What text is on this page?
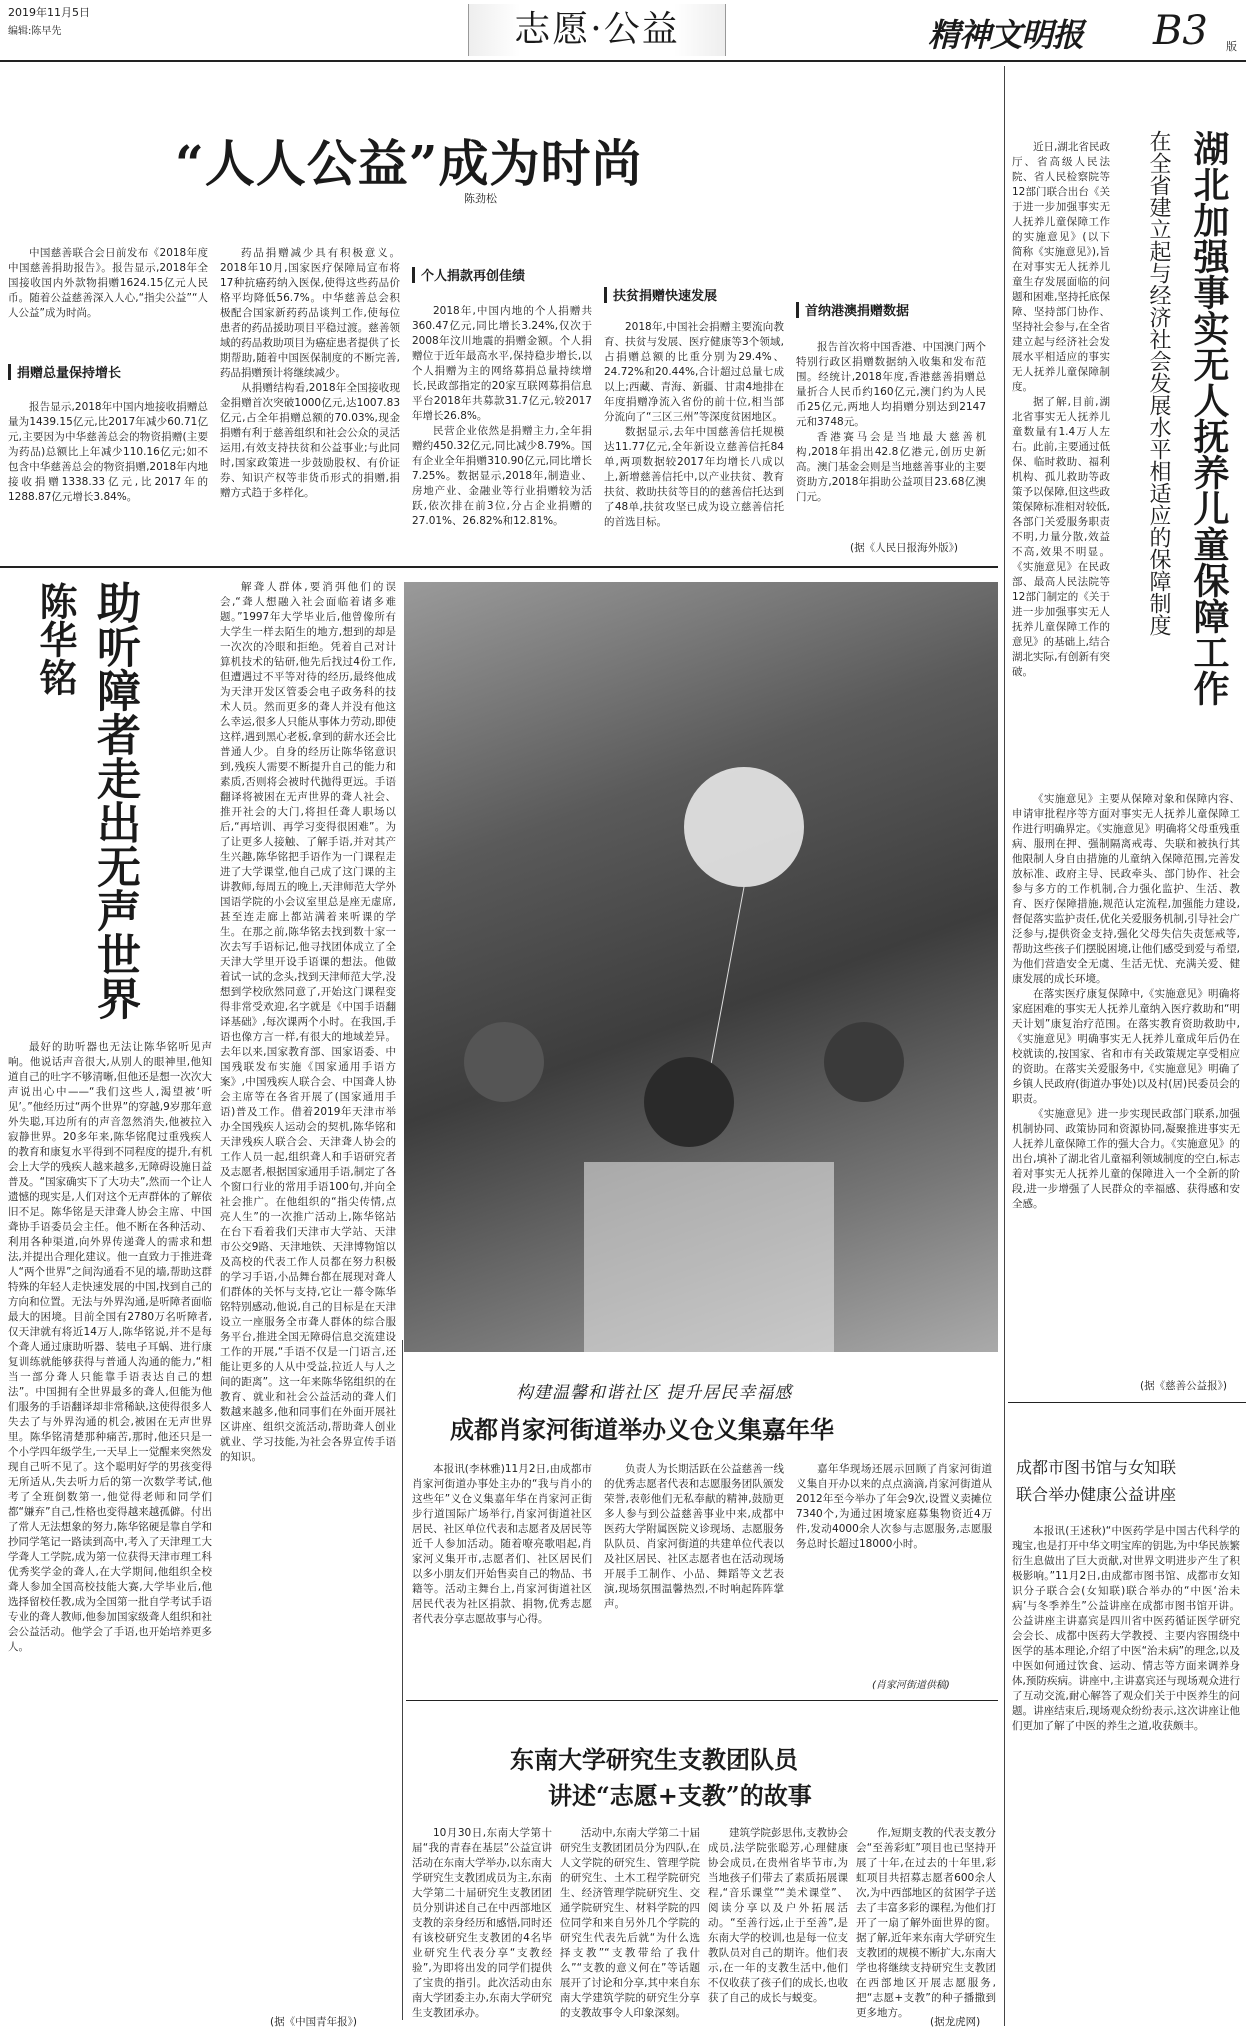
2019年11月5日
编辑:陈早先	志愿·公益	精神文明报 B3 版
“人人公益”成为时尚
陈劲松

中国慈善联合会日前发布《2018年度中国慈善捐助报告》。报告显示,2018年全国接收国内外款物捐赠1624.15亿元人民币。随着公益慈善深入人心,“指尖公益”“人人公益”成为时尚。

捐赠总量保持增长

报告显示,2018年中国内地接收捐赠总量为1439.15亿元,比2017年减少60.71亿元,主要因为中华慈善总会的物资捐赠(主要为药品)总额比上年减少110.16亿元;如不包含中华慈善总会的物资捐赠,2018年内地接收捐赠1338.33亿元,比2017年的1288.87亿元增长3.84%。

药品捐赠减少具有积极意义。2018年10月,国家医疗保障局宣布将17种抗癌药纳入医保,使得这些药品价格平均降低56.7%。中华慈善总会积极配合国家新药药品谈判工作,使每位患者的药品援助项目平稳过渡。慈善领域的药品救助项目为癌症患者提供了长期帮助,随着中国医保制度的不断完善,药品捐赠预计将继续减少。

从捐赠结构看,2018年全国接收现金捐赠首次突破1000亿元,达1007.83亿元,占全年捐赠总额的70.03%,现金捐赠有利于慈善组织和社会公众的灵活运用,有效支持扶贫和公益事业;与此同时,国家政策进一步鼓励股权、有价证券、知识产权等非货币形式的捐赠,捐赠方式趋于多样化。

个人捐款再创佳绩

2018年,中国内地的个人捐赠共360.47亿元,同比增长3.24%,仅次于2008年汶川地震的捐赠金额。个人捐赠位于近年最高水平,保持稳步增长,以个人捐赠为主的网络募捐总量持续增长,民政部指定的20家互联网募捐信息平台2018年共募款31.7亿元,较2017年增长26.8%。

民营企业依然是捐赠主力,全年捐赠约450.32亿元,同比减少8.79%。国有企业全年捐赠310.90亿元,同比增长7.25%。数据显示,2018年,制造业、房地产业、金融业等行业捐赠较为活跃,依次排在前3位,分占企业捐赠的27.01%、26.82%和12.81%。

扶贫捐赠快速发展

2018年,中国社会捐赠主要流向教育、扶贫与发展、医疗健康等3个领域,占捐赠总额的比重分别为29.4%、24.72%和20.44%,合计超过总量七成以上;西藏、青海、新疆、甘肃4地排在年度捐赠净流入省份的前十位,相当部分流向了“三区三州”等深度贫困地区。

数据显示,去年中国慈善信托规模达11.77亿元,全年新设立慈善信托84单,两项数据较2017年均增长八成以上,新增慈善信托中,以产业扶贫、教育扶贫、救助扶贫等目的的慈善信托达到了48单,扶贫攻坚已成为设立慈善信托的首选目标。

首纳港澳捐赠数据

报告首次将中国香港、中国澳门两个特别行政区捐赠数据纳入收集和发布范围。经统计,2018年度,香港慈善捐赠总量折合人民币约160亿元,澳门约为人民币25亿元,两地人均捐赠分别达到2147元和3748元。

香港赛马会是当地最大慈善机构,2018年捐出42.8亿港元,创历史新高。澳门基金会则是当地慈善事业的主要资助方,2018年捐助公益项目23.68亿澳门元。

(据《人民日报海外版》)

近日,湖北省民政厅、省高级人民法院、省人民检察院等12部门联合出台《关于进一步加强事实无人抚养儿童保障工作的实施意见》(以下简称《实施意见》),旨在对事实无人抚养儿童生存发展面临的问题和困难,坚持托底保障、坚持部门协作、坚持社会参与,在全省建立起与经济社会发展水平相适应的事实无人抚养儿童保障制度。

据了解,目前,湖北省事实无人抚养儿童数量有1.4万人左右。此前,主要通过低保、临时救助、福利机构、孤儿救助等政策予以保障,但这些政策保障标准相对较低,各部门关爱服务职责不明,力量分散,效益不高,效果不明显。《实施意见》在民政部、最高人民法院等12部门制定的《关于进一步加强事实无人抚养儿童保障工作的意见》的基础上,结合湖北实际,有创新有突破。

在全省建立起与经济社会发展水平相适应的保障制度 湖北加强事实无人抚养儿童保障工作

《实施意见》主要从保障对象和保障内容、申请审批程序等方面对事实无人抚养儿童保障工作进行明确界定。《实施意见》明确将父母重残重病、服刑在押、强制隔离戒毒、失联和被执行其他限制人身自由措施的儿童纳入保障范围,完善发放标准、政府主导、民政牵头、部门协作、社会参与多方的工作机制,合力强化监护、生活、教育、医疗保障措施,规范认定流程,加强能力建设,督促落实监护责任,优化关爱服务机制,引导社会广泛参与,提供资金支持,强化父母失信失责惩戒等,帮助这些孩子们摆脱困境,让他们感受到爱与希望,为他们营造安全无虞、生活无忧、充满关爱、健康发展的成长环境。

在落实医疗康复保障中,《实施意见》明确将家庭困难的事实无人抚养儿童纳入医疗救助和“明天计划”康复治疗范围。在落实教育资助救助中,《实施意见》明确事实无人抚养儿童成年后仍在校就读的,按国家、省和市有关政策规定享受相应的资助。在落实关爱服务中,《实施意见》明确了乡镇人民政府(街道办事处)以及村(居)民委员会的职责。

《实施意见》进一步实现民政部门联系,加强机制协同、政策协同和资源协同,凝聚推进事实无人抚养儿童保障工作的强大合力。《实施意见》的出台,填补了湖北省儿童福利领域制度的空白,标志着对事实无人抚养儿童的保障进入一个全新的阶段,进一步增强了人民群众的幸福感、获得感和安全感。

(据《慈善公益报》)
成都市图书馆与女知联
联合举办健康公益讲座

本报讯(王述秋)“中医药学是中国古代科学的瑰宝,也是打开中华文明宝库的钥匙,为中华民族繁衍生息做出了巨大贡献,对世界文明进步产生了积极影响。”11月2日,由成都市图书馆、成都市女知识分子联合会(女知联)联合举办的“中医‘治未病’与冬季养生”公益讲座在成都市图书馆开讲。公益讲座主讲嘉宾是四川省中医药循证医学研究会会长、成都中医药大学教授、主要内容围绕中医学的基本理论,介绍了中医“治未病”的理念,以及中医如何通过饮食、运动、情志等方面来调养身体,预防疾病。讲座中,主讲嘉宾还与现场观众进行了互动交流,耐心解答了观众们关于中医养生的问题。讲座结束后,现场观众纷纷表示,这次讲座让他们更加了解了中医的养生之道,收获颇丰。

助听障者走出无声世界
陈华铭

最好的助听器也无法让陈华铭听见声响。他说话声音很大,从别人的眼神里,他知道自己的吐字不够清晰,但他还是想一次次大声说出心中——“我们这些人,渴望被‘听见’。”他经历过“两个世界”的穿越,9岁那年意外失聪,耳边所有的声音忽然消失,他被拉入寂静世界。20多年来,陈华铭爬过重残疾人的教育和康复水平得到不同程度的提升,有机会上大学的残疾人越来越多,无障碍设施日益普及。“国家确实下了大功夫”,然而一个让人遗憾的现实是,人们对这个无声群体的了解依旧不足。陈华铭是天津聋人协会主席、中国聋协手语委员会主任。他不断在各种活动、利用各种渠道,向外界传递聋人的需求和想法,并提出合理化建议。他一直致力于推进聋人“两个世界”之间沟通看不见的墙,帮助这群特殊的年轻人走快速发展的中国,找到自己的方向和位置。无法与外界沟通,是听障者面临最大的困境。目前全国有2780万名听障者,仅天津就有将近14万人,陈华铭说,并不是每个聋人通过康助听器、装电子耳蜗、进行康复训练就能够获得与普通人沟通的能力,“相当一部分聋人只能靠手语表达自己的想法”。中国拥有全世界最多的聋人,但能为他们服务的手语翻译却非常稀缺,这使得很多人失去了与外界沟通的机会,被困在无声世界里。陈华铭清楚那种痛苦,那时,他还只是一个小学四年级学生,一天早上一觉醒来突然发现自己听不见了。这个聪明好学的男孩变得无所适从,失去听力后的第一次数学考试,他考了全班倒数第一,他觉得老师和同学们都“嫌弃”自己,性格也变得越来越孤僻。付出了常人无法想象的努力,陈华铭硬是靠自学和抄同学笔记一路读到高中,考入了天津理工大学聋人工学院,成为第一位获得天津市理工科优秀奖学金的聋人,在大学期间,他组织全校聋人参加全国高校技能大赛,大学毕业后,他选择留校任教,成为全国第一批自学考试手语专业的聋人教师,他参加国家级聋人组织和社会公益活动。他学会了手语,也开始培养更多人。

解聋人群体,要消弭他们的误会,“聋人想融入社会面临着诸多难题。”1997年大学毕业后,他曾像所有大学生一样去陌生的地方,想到的却是一次次的冷眼和拒绝。凭着自己对计算机技术的钻研,他先后找过4份工作,但遭遇过不平等对待的经历,最终他成为天津开发区管委会电子政务科的技术人员。然而更多的聋人并没有他这么幸运,很多人只能从事体力劳动,即使这样,遇到黑心老板,拿到的薪水还会比普通人少。自身的经历让陈华铭意识到,残疾人需要不断提升自己的能力和素质,否则将会被时代抛得更远。手语翻译将被困在无声世界的聋人社会、推开社会的大门,将担任聋人职场以后,“再培训、再学习变得很困难”。为了让更多人接触、了解手语,并对其产生兴趣,陈华铭把手语作为一门课程走进了大学课堂,他自己成了这门课的主讲教师,每周五的晚上,天津师范大学外国语学院的小会议室里总是座无虚席,甚至连走廊上都站满着来听课的学生。在那之前,陈华铭去找到数十家一次去写手语标记,他寻找团体成立了全天津大学里开设手语课的想法。他做着试一试的念头,找到天津师范大学,没想到学校欣然同意了,开始这门课程变得非常受欢迎,名字就是《中国手语翻译基础》,每次课两个小时。在我国,手语也像方言一样,有很大的地域差异。去年以来,国家教育部、国家语委、中国残联发布实施《国家通用手语方案》,中国残疾人联合会、中国聋人协会主席等在各省开展了(国家通用手语)普及工作。借着2019年天津市举办全国残疾人运动会的契机,陈华铭和天津残疾人联合会、天津聋人协会的工作人员一起,组织聋人和手语研究者及志愿者,根据国家通用手语,制定了各个窗口行业的常用手语100句,并向全社会推广。在他组织的“指尖传情,点亮人生”的一次推广活动上,陈华铭站在台下看着我们天津市大学站、天津市公交9路、天津地铁、天津博物馆以及高校的代表工作人员都在努力积极的学习手语,小品舞台都在展现对聋人们群体的关怀与支持,它让一幕令陈华铭特别感动,他说,自己的目标是在天津设立一座服务全市聋人群体的综合服务平台,推进全国无障碍信息交流建设工作的开展,“手语不仅是一门语言,还能让更多的人从中受益,拉近人与人之间的距离”。这一年来陈华铭组织的在教育、就业和社会公益活动的聋人们数越来越多,他和同事们在外面开展社区讲座、组织交流活动,帮助聋人创业就业、学习技能,为社会各界宣传手语的知识。

构建温馨和谐社区 提升居民幸福感
成都肖家河街道举办义仓义集嘉年华

本报讯(李林雅)11月2日,由成都市肖家河街道办事处主办的“我与肖小的这些年”义仓义集嘉年华在肖家河正街步行道国际广场举行,肖家河街道社区居民、社区单位代表和志愿者及居民等近千人参加活动。随着嘹亮歌唱起,肖家河义集开市,志愿者们、社区居民们以多小朋友们开始售卖自己的物品、书籍等。活动主舞台上,肖家河街道社区居民代表为社区捐款、捐物,优秀志愿者代表分享志愿故事与心得。

负责人为长期活跃在公益慈善一线的优秀志愿者代表和志愿服务团队颁发荣誉,表彰他们无私奉献的精神,鼓励更多人参与到公益慈善事业中来,成都中医药大学附属医院义诊现场、志愿服务队队员、肖家河街道的共建单位代表以及社区居民、社区志愿者也在活动现场开展手工制作、小品、舞蹈等文艺表演,现场氛围温馨热烈,不时响起阵阵掌声。

嘉年华现场还展示回顾了肖家河街道义集自开办以来的点点滴滴,肖家河街道从2012年至今举办了年会9次,设置义卖摊位7340个,为通过困境家庭募集物资近4万件,发动4000余人次参与志愿服务,志愿服务总时长超过18000小时。

(肖家河街道供稿)
东南大学研究生支教团队员
讲述“志愿+支教”的故事

10月30日,东南大学第十届“我的青春在基层”公益宣讲活动在东南大学举办,以东南大学研究生支教团成员为主,东南大学第二十届研究生支教团团员分别讲述自己在中西部地区支教的亲身经历和感悟,同时还有该校研究生支教团的4名毕业研究生代表分享“支教经验”,为即将出发的同学们提供了宝贵的指引。此次活动由东南大学团委主办,东南大学研究生支教团承办。

活动中,东南大学第二十届研究生支教团团员分为四队,在人文学院的研究生、管理学院的研究生、土木工程学院研究生、经济管理学院研究生、交通学院研究生、材料学院的四位同学和来自另外几个学院的研究生代表先后就“为什么选择支教”“支教带给了我什么”“支教的意义何在”等话题展开了讨论和分享,其中来自东南大学建筑学院的研究生分享的支教故事令人印象深刻。

建筑学院彭思伟,支教协会成员,法学院张聪芳,心理健康协会成员,在贵州省毕节市,为当地孩子们带去了素质拓展课程,“音乐课堂”“美术课堂”、阅读分享以及户外拓展活动。“至善行远,止于至善”,是东南大学的校训,也是每一位支教队员对自己的期许。他们表示,在一年的支教生活中,他们不仅收获了孩子们的成长,也收获了自己的成长与蜕变。

作,短期支教的代表支教分会“至善彩虹”项目也已坚持开展了十年,在过去的十年里,彩虹项目共招募志愿者600余人次,为中西部地区的贫困学子送去了丰富多彩的课程,为他们打开了一扇了解外面世界的窗。据了解,近年来东南大学研究生支教团的规模不断扩大,东南大学也将继续支持研究生支教团在西部地区开展志愿服务,把“志愿+支教”的种子播撒到更多地方。

(据龙虎网)
(据《中国青年报》)
